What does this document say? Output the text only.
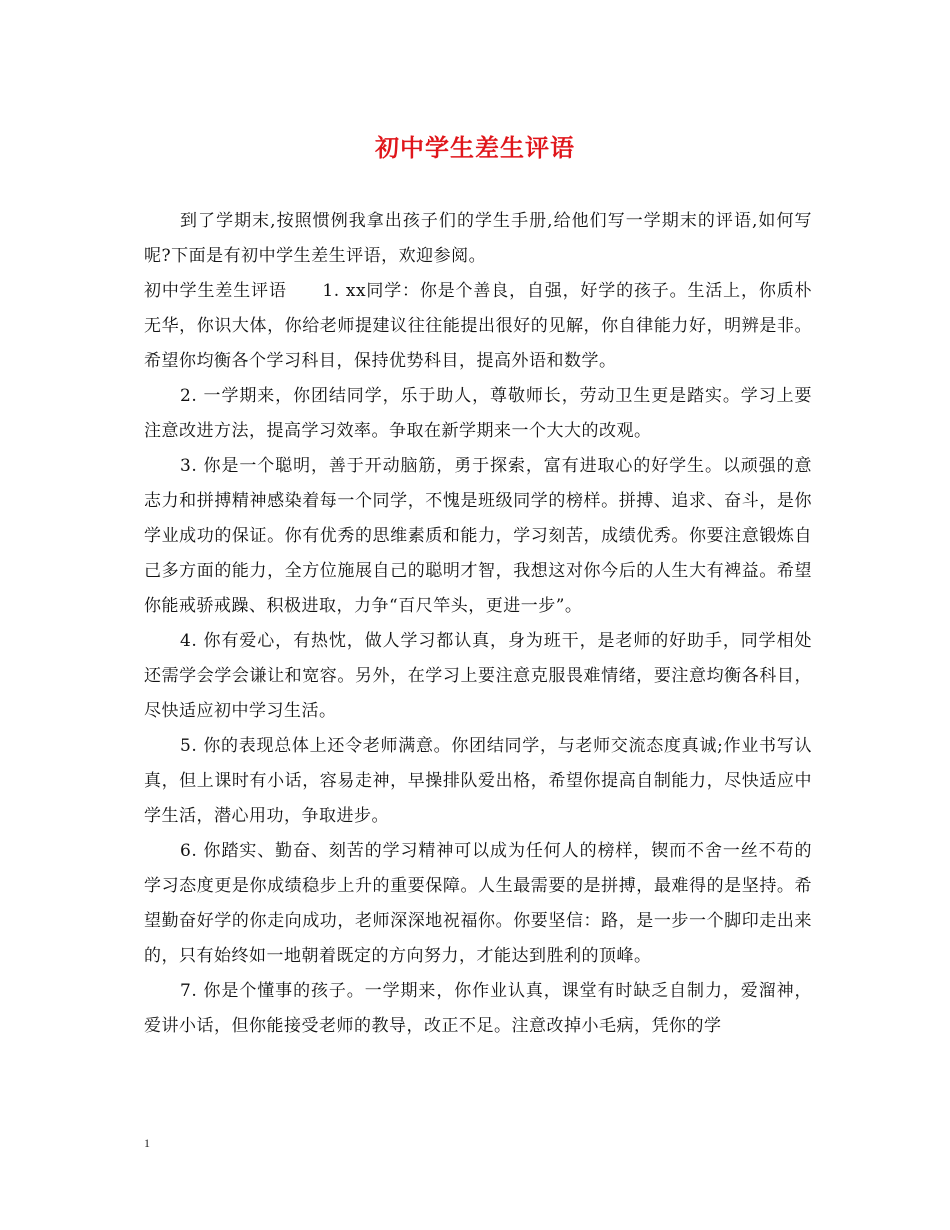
初中学生差生评语

到了学期末,按照惯例我拿出孩子们的学生手册,给他们写一学期末的评语,如何写呢?下面是有初中学生差生评语，欢迎参阅。

初中学生差生评语　　1. xx同学：你是个善良，自强，好学的孩子。生活上，你质朴无华，你识大体，你给老师提建议往往能提出很好的见解，你自律能力好，明辨是非。希望你均衡各个学习科目，保持优势科目，提高外语和数学。

2. 一学期来，你团结同学，乐于助人，尊敬师长，劳动卫生更是踏实。学习上要注意改进方法，提高学习效率。争取在新学期来一个大大的改观。

3. 你是一个聪明，善于开动脑筋，勇于探索，富有进取心的好学生。以顽强的意志力和拼搏精神感染着每一个同学，不愧是班级同学的榜样。拼搏、追求、奋斗，是你学业成功的保证。你有优秀的思维素质和能力，学习刻苦，成绩优秀。你要注意锻炼自己多方面的能力，全方位施展自己的聪明才智，我想这对你今后的人生大有裨益。希望你能戒骄戒躁、积极进取，力争“百尺竿头，更进一步”。

4. 你有爱心，有热忱，做人学习都认真，身为班干，是老师的好助手，同学相处还需学会学会谦让和宽容。另外，在学习上要注意克服畏难情绪，要注意均衡各科目，尽快适应初中学习生活。

5. 你的表现总体上还令老师满意。你团结同学，与老师交流态度真诚;作业书写认真，但上课时有小话，容易走神，早操排队爱出格，希望你提高自制能力，尽快适应中学生活，潜心用功，争取进步。

6. 你踏实、勤奋、刻苦的学习精神可以成为任何人的榜样，锲而不舍一丝不苟的学习态度更是你成绩稳步上升的重要保障。人生最需要的是拼搏，最难得的是坚持。希望勤奋好学的你走向成功，老师深深地祝福你。你要坚信：路，是一步一个脚印走出来的，只有始终如一地朝着既定的方向努力，才能达到胜利的顶峰。

7. 你是个懂事的孩子。一学期来，你作业认真，课堂有时缺乏自制力，爱溜神，爱讲小话，但你能接受老师的教导，改正不足。注意改掉小毛病，凭你的学

1
